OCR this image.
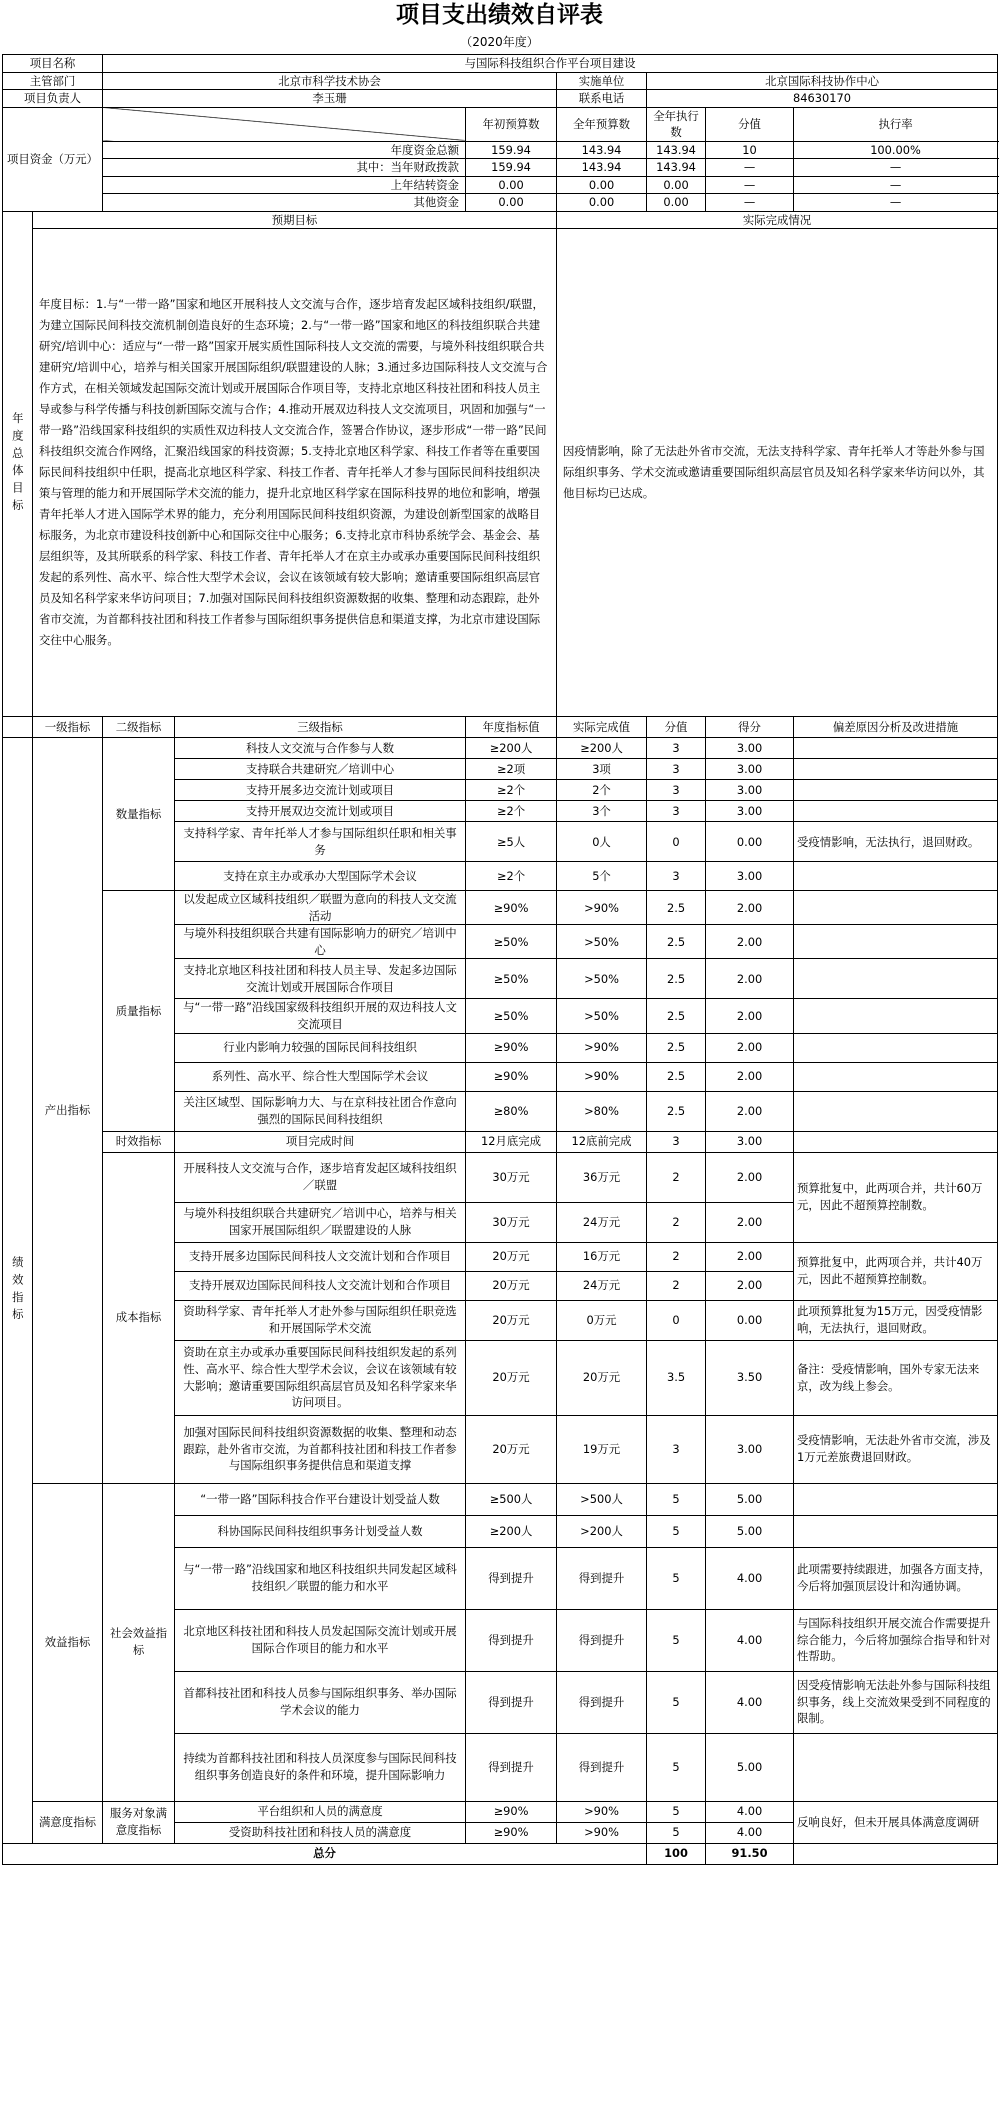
项目支出绩效自评表
（2020年度）
项目名称		与国际科技组织合作平台项目建设							
主管部门		北京市科学技术协会			实施单位	北京国际科技协作中心			
项目负责人		李玉珊			联系电话	84630170			
项目资金（万元）				年初预算数	全年预算数	全年执行数	分值	执行率	
		年度资金总额		159.94	143.94	143.94	10	100.00%	
		其中：当年财政拨款		159.94	143.94	143.94	—	—	
		上年结转资金		0.00	0.00	0.00	—	—	
		其他资金		0.00	0.00	0.00	—	—	
年度总体目标	预期目标				实际完成情况				
	年度目标：1.与“一带一路”国家和地区开展科技人文交流与合作，逐步培育发起区域科技组织/联盟，为建立国际民间科技交流机制创造良好的生态环境；2.与“一带一路”国家和地区的科技组织联合共建研究/培训中心：适应与“一带一路”国家开展实质性国际科技人文交流的需要，与境外科技组织联合共建研究/培训中心，培养与相关国家开展国际组织/联盟建设的人脉；3.通过多边国际科技人文交流与合作方式，在相关领域发起国际交流计划或开展国际合作项目等，支持北京地区科技社团和科技人员主导或参与科学传播与科技创新国际交流与合作；4.推动开展双边科技人文交流项目，巩固和加强与“一带一路”沿线国家科技组织的实质性双边科技人文交流合作，签署合作协议，逐步形成“一带一路”民间科技组织交流合作网络，汇聚沿线国家的科技资源；5.支持北京地区科学家、科技工作者等在重要国际民间科技组织中任职，提高北京地区科学家、科技工作者、青年托举人才参与国际民间科技组织决策与管理的能力和开展国际学术交流的能力，提升北京地区科学家在国际科技界的地位和影响，增强青年托举人才进入国际学术界的能力，充分利用国际民间科技组织资源，为建设创新型国家的战略目标服务，为北京市建设科技创新中心和国际交往中心服务；6.支持北京市科协系统学会、基金会、基层组织等，及其所联系的科学家、科技工作者、青年托举人才在京主办或承办重要国际民间科技组织发起的系列性、高水平、综合性大型学术会议，会议在该领域有较大影响；邀请重要国际组织高层官员及知名科学家来华访问项目；7.加强对国际民间科技组织资源数据的收集、整理和动态跟踪，赴外省市交流，为首都科技社团和科技工作者参与国际组织事务提供信息和渠道支撑，为北京市建设国际交往中心服务。				因疫情影响，除了无法赴外省市交流，无法支持科学家、青年托举人才等赴外参与国际组织事务、学术交流或邀请重要国际组织高层官员及知名科学家来华访问以外，其他目标均已达成。				
	一级指标	二级指标	三级指标	年度指标值	实际完成值	分值	得分	偏差原因分析及改进措施	
绩效指标	产出指标	数量指标	科技人文交流与合作参与人数	≥200人	≥200人	3	3.00		
			支持联合共建研究／培训中心	≥2项	3项	3	3.00		
			支持开展多边交流计划或项目	≥2个	2个	3	3.00		
			支持开展双边交流计划或项目	≥2个	3个	3	3.00		
			支持科学家、青年托举人才参与国际组织任职和相关事务	≥5人	0人	0	0.00	受疫情影响，无法执行，退回财政。	
			支持在京主办或承办大型国际学术会议	≥2个	5个	3	3.00		
		质量指标	以发起成立区域科技组织／联盟为意向的科技人文交流活动	≥90%	>90%	2.5	2.00		
			与境外科技组织联合共建有国际影响力的研究／培训中心	≥50%	>50%	2.5	2.00		
			支持北京地区科技社团和科技人员主导、发起多边国际交流计划或开展国际合作项目	≥50%	>50%	2.5	2.00		
			与“一带一路”沿线国家级科技组织开展的双边科技人文交流项目	≥50%	>50%	2.5	2.00		
			行业内影响力较强的国际民间科技组织	≥90%	>90%	2.5	2.00		
			系列性、高水平、综合性大型国际学术会议	≥90%	>90%	2.5	2.00		
			关注区域型、国际影响力大、与在京科技社团合作意向强烈的国际民间科技组织	≥80%	>80%	2.5	2.00		
		时效指标	项目完成时间	12月底完成	12底前完成	3	3.00		
		成本指标	开展科技人文交流与合作，逐步培育发起区域科技组织／联盟	30万元	36万元	2	2.00	预算批复中，此两项合并，共计60万元，因此不超预算控制数。	
			与境外科技组织联合共建研究／培训中心，培养与相关国家开展国际组织／联盟建设的人脉	30万元	24万元	2	2.00		
			支持开展多边国际民间科技人文交流计划和合作项目	20万元	16万元	2	2.00	预算批复中，此两项合并，共计40万元，因此不超预算控制数。	
			支持开展双边国际民间科技人文交流计划和合作项目	20万元	24万元	2	2.00		
			资助科学家、青年托举人才赴外参与国际组织任职竞选和开展国际学术交流	20万元	0万元	0	0.00	此项预算批复为15万元，因受疫情影响，无法执行，退回财政。	
			资助在京主办或承办重要国际民间科技组织发起的系列性、高水平、综合性大型学术会议，会议在该领域有较大影响；邀请重要国际组织高层官员及知名科学家来华访问项目。	20万元	20万元	3.5	3.50	备注：受疫情影响，国外专家无法来京，改为线上参会。	
			加强对国际民间科技组织资源数据的收集、整理和动态跟踪，赴外省市交流，为首都科技社团和科技工作者参与国际组织事务提供信息和渠道支撑	20万元	19万元	3	3.00	受疫情影响，无法赴外省市交流，涉及1万元差旅费退回财政。	
	效益指标	社会效益指标	“一带一路”国际科技合作平台建设计划受益人数	≥500人	>500人	5	5.00		
			科协国际民间科技组织事务计划受益人数	≥200人	>200人	5	5.00		
			与“一带一路”沿线国家和地区科技组织共同发起区域科技组织／联盟的能力和水平	得到提升	得到提升	5	4.00	此项需要持续跟进，加强各方面支持，今后将加强顶层设计和沟通协调。	
			北京地区科技社团和科技人员发起国际交流计划或开展国际合作项目的能力和水平	得到提升	得到提升	5	4.00	与国际科技组织开展交流合作需要提升综合能力，今后将加强综合指导和针对性帮助。	
			首都科技社团和科技人员参与国际组织事务、举办国际学术会议的能力	得到提升	得到提升	5	4.00	因受疫情影响无法赴外参与国际科技组织事务，线上交流效果受到不同程度的限制。	
			持续为首都科技社团和科技人员深度参与国际民间科技组织事务创造良好的条件和环境，提升国际影响力	得到提升	得到提升	5	5.00		
	满意度指标	服务对象满意度指标	平台组织和人员的满意度	≥90%	>90%	5	4.00	反响良好，但未开展具体满意度调研	
			受资助科技社团和科技人员的满意度	≥90%	>90%	5	4.00		
总分						100	91.50		
